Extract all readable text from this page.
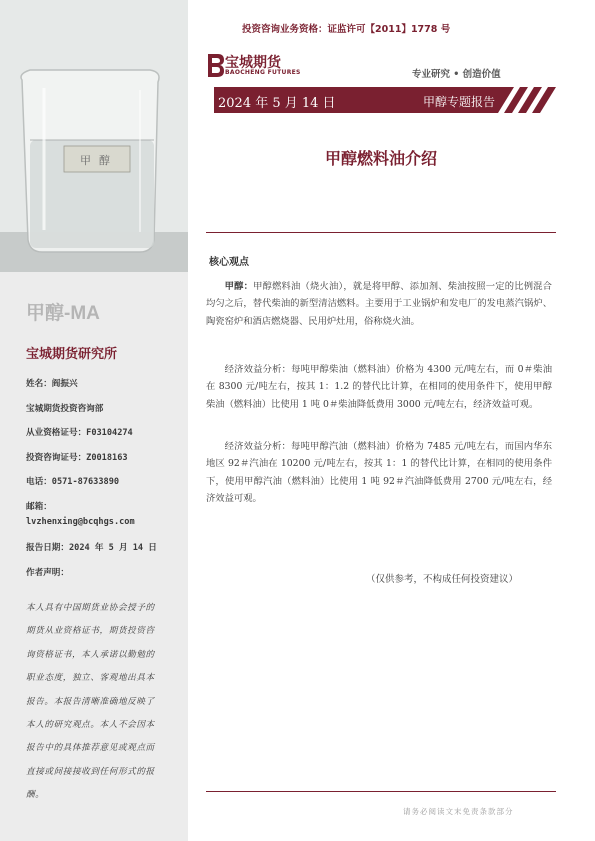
甲醇
甲醇-MA
宝城期货研究所
姓名：阎振兴
宝城期货投资咨询部
从业资格证号：F03104274
投资咨询证号：Z0018163
电话：0571-87633890
邮箱：
lvzhenxing@bcqhgs.com
报告日期：2024 年 5 月 14 日
作者声明：
本人具有中国期货业协会授予的期货从业资格证书，期货投资咨询资格证书，本人承诺以勤勉的职业态度，独立、客观地出具本报告。本报告清晰准确地反映了本人的研究观点。本人不会因本报告中的具体推荐意见或观点而直接或间接接收到任何形式的报酬。
投资咨询业务资格：证监许可【2011】1778 号
宝城期货
BAOCHENG FUTURES	专业研究 • 创造价值
2024 年 5 月 14 日	甲醇专题报告
甲醇燃料油介绍
核心观点

甲醇：甲醇燃料油（烧火油），就是将甲醇、添加剂、柴油按照一定的比例混合均匀之后，替代柴油的新型清洁燃料。主要用于工业锅炉和发电厂的发电蒸汽锅炉、陶瓷窑炉和酒店燃烧器、民用炉灶用，俗称烧火油。

经济效益分析：每吨甲醇柴油（燃料油）价格为 4300 元/吨左右，而 0＃柴油在 8300 元/吨左右，按其 1：1.2 的替代比计算，在相同的使用条件下，使用甲醇柴油（燃料油）比使用 1 吨 0＃柴油降低费用 3000 元/吨左右，经济效益可观。

经济效益分析：每吨甲醇汽油（燃料油）价格为 7485 元/吨左右，而国内华东地区 92＃汽油在 10200 元/吨左右，按其 1：1 的替代比计算，在相同的使用条件下，使用甲醇汽油（燃料油）比使用 1 吨 92＃汽油降低费用 2700 元/吨左右，经济效益可观。

（仅供参考，不构成任何投资建议）
请务必阅读文末免责条款部分
